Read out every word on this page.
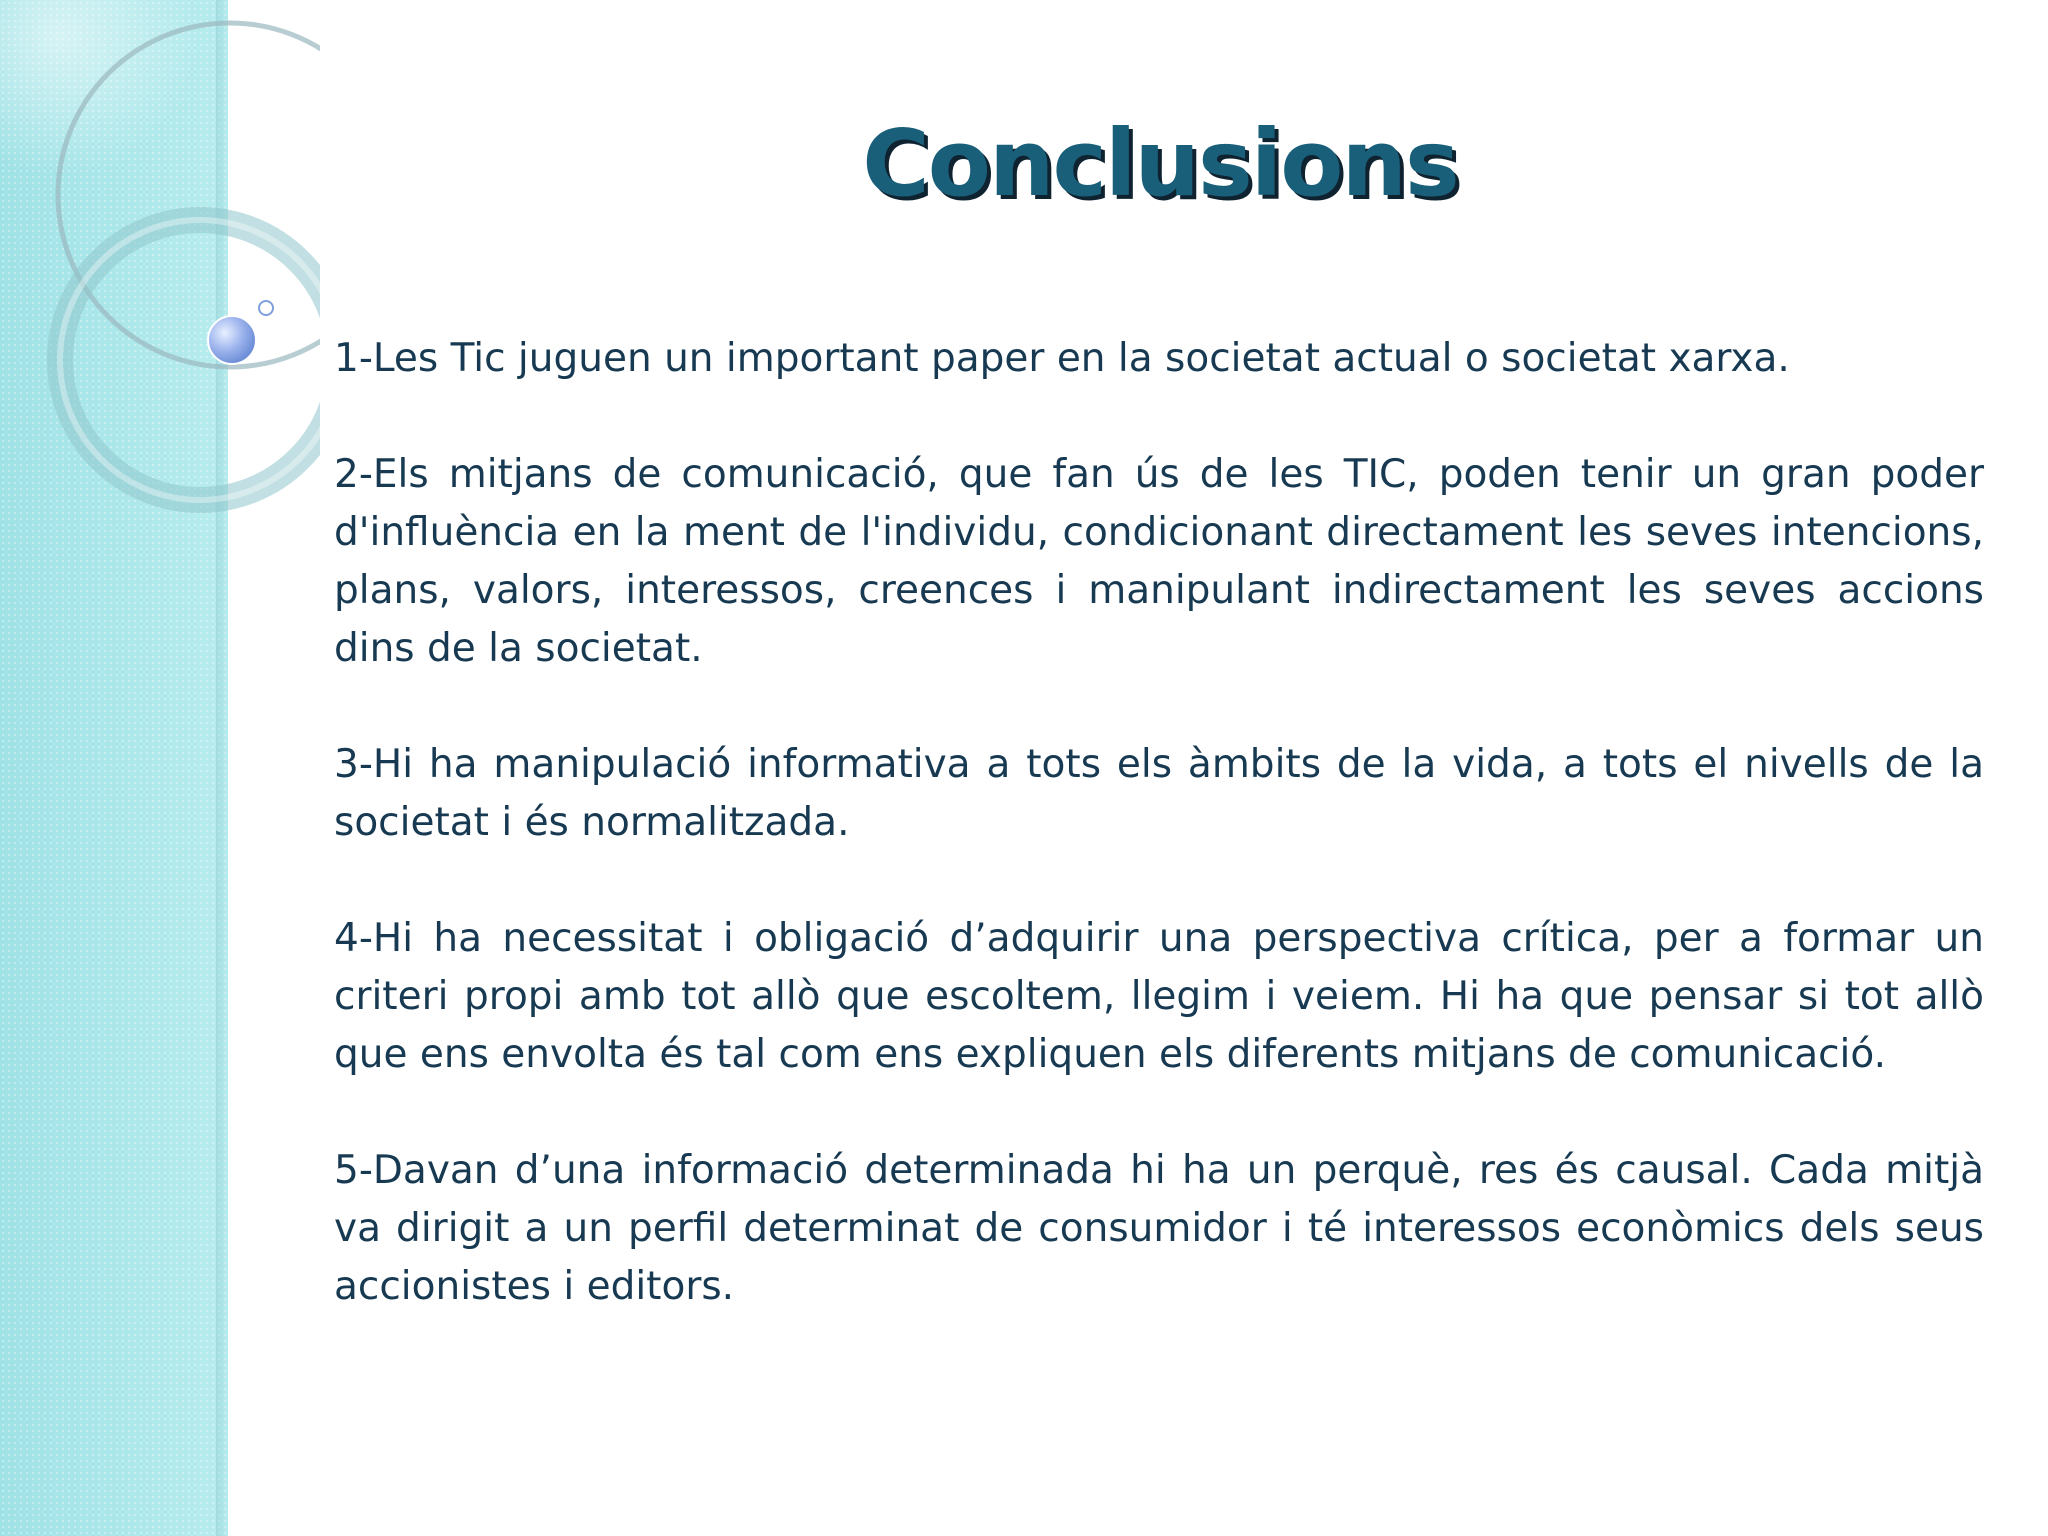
Conclusions

1-Les Tic juguen un important paper en la societat actual o societat xarxa.

2-Els mitjans de comunicació, que fan ús de les TIC, poden tenir un gran poder d'influència en la ment de l'individu, condicionant directament les seves intencions, plans, valors, interessos, creences i manipulant indirectament les seves accions dins de la societat.

3-Hi ha manipulació informativa a tots els àmbits de la vida, a tots el nivells de la societat i és normalitzada.

4-Hi ha necessitat i obligació d’adquirir una perspectiva crítica, per a formar un criteri propi amb tot allò que escoltem, llegim i veiem. Hi ha que pensar si tot allò que ens envolta és tal com ens expliquen els diferents mitjans de comunicació.

5-Davan d’una informació determinada hi ha un perquè, res és causal. Cada mitjà va dirigit a un perfil determinat de consumidor i té interessos econòmics dels seus accionistes i editors.
